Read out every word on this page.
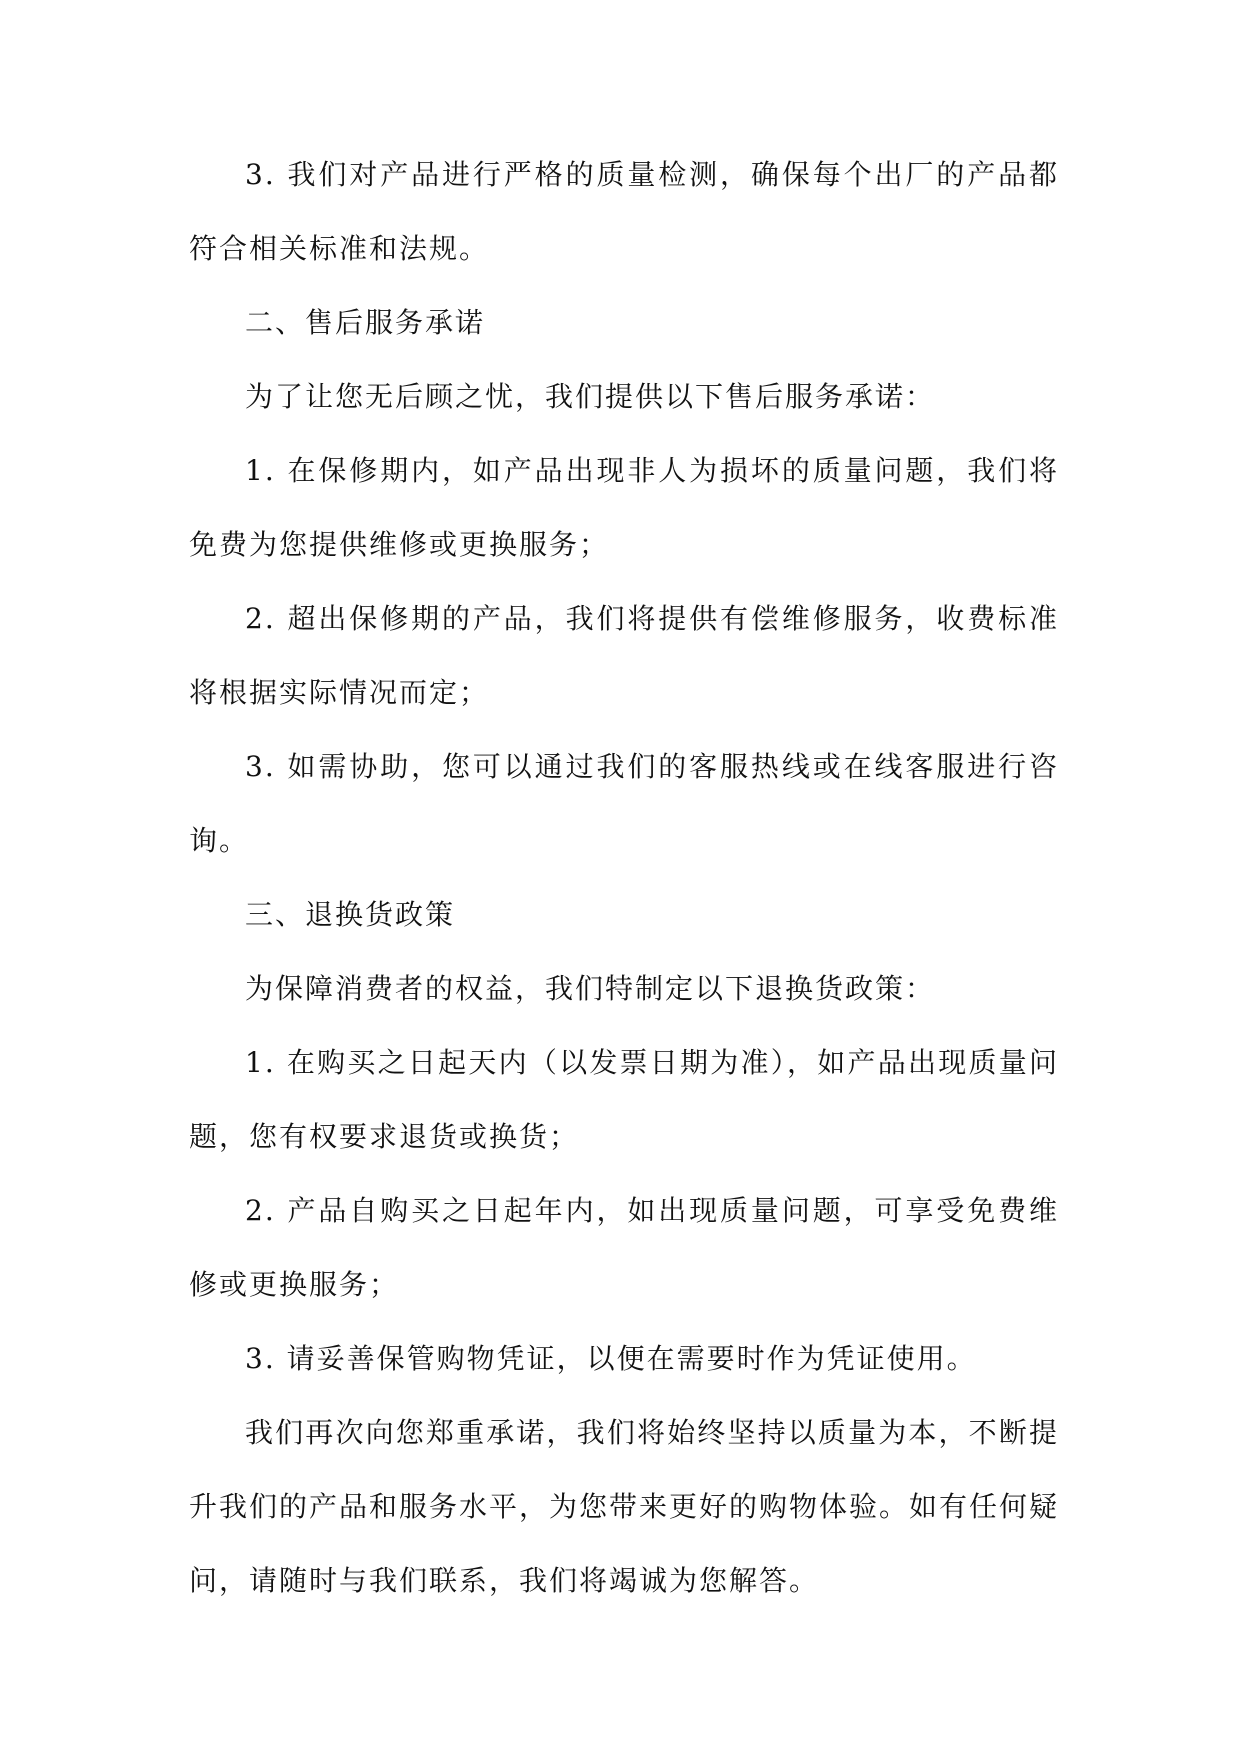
3. 我们对产品进行严格的质量检测，确保每个出厂的产品都符合相关标准和法规。

二、售后服务承诺

为了让您无后顾之忧，我们提供以下售后服务承诺：

1. 在保修期内，如产品出现非人为损坏的质量问题，我们将免费为您提供维修或更换服务；

2. 超出保修期的产品，我们将提供有偿维修服务，收费标准将根据实际情况而定；

3. 如需协助，您可以通过我们的客服热线或在线客服进行咨询。

三、退换货政策

为保障消费者的权益，我们特制定以下退换货政策：

1. 在购买之日起天内（以发票日期为准），如产品出现质量问题，您有权要求退货或换货；

2. 产品自购买之日起年内，如出现质量问题，可享受免费维修或更换服务；

3. 请妥善保管购物凭证，以便在需要时作为凭证使用。

我们再次向您郑重承诺，我们将始终坚持以质量为本，不断提升我们的产品和服务水平，为您带来更好的购物体验。如有任何疑问，请随时与我们联系，我们将竭诚为您解答。
